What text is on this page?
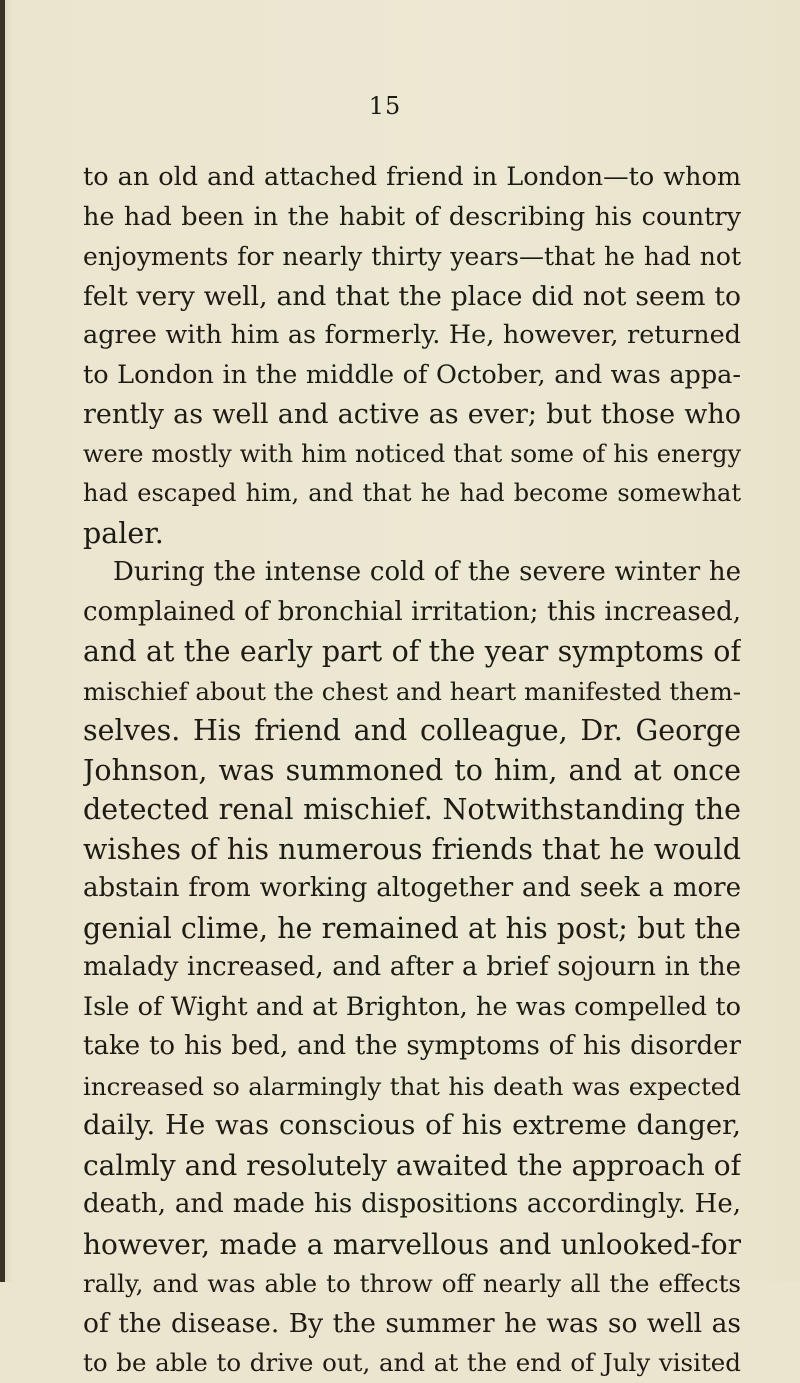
15
to an old and attached friend in London—to whom
he had been in the habit of describing his country
enjoyments for nearly thirty years—that he had not
felt very well, and that the place did not seem to
agree with him as formerly. He, however, returned
to London in the middle of October, and was appa-
rently as well and active as ever; but those who
were mostly with him noticed that some of his energy
had escaped him, and that he had become somewhat
paler.
During the intense cold of the severe winter he
complained of bronchial irritation; this increased,
and at the early part of the year symptoms of
mischief about the chest and heart manifested them-
selves. His friend and colleague, Dr. George
Johnson, was summoned to him, and at once
detected renal mischief. Notwithstanding the
wishes of his numerous friends that he would
abstain from working altogether and seek a more
genial clime, he remained at his post; but the
malady increased, and after a brief sojourn in the
Isle of Wight and at Brighton, he was compelled to
take to his bed, and the symptoms of his disorder
increased so alarmingly that his death was expected
daily. He was conscious of his extreme danger,
calmly and resolutely awaited the approach of
death, and made his dispositions accordingly. He,
however, made a marvellous and unlooked-for
rally, and was able to throw off nearly all the effects
of the disease. By the summer he was so well as
to be able to drive out, and at the end of July visited
